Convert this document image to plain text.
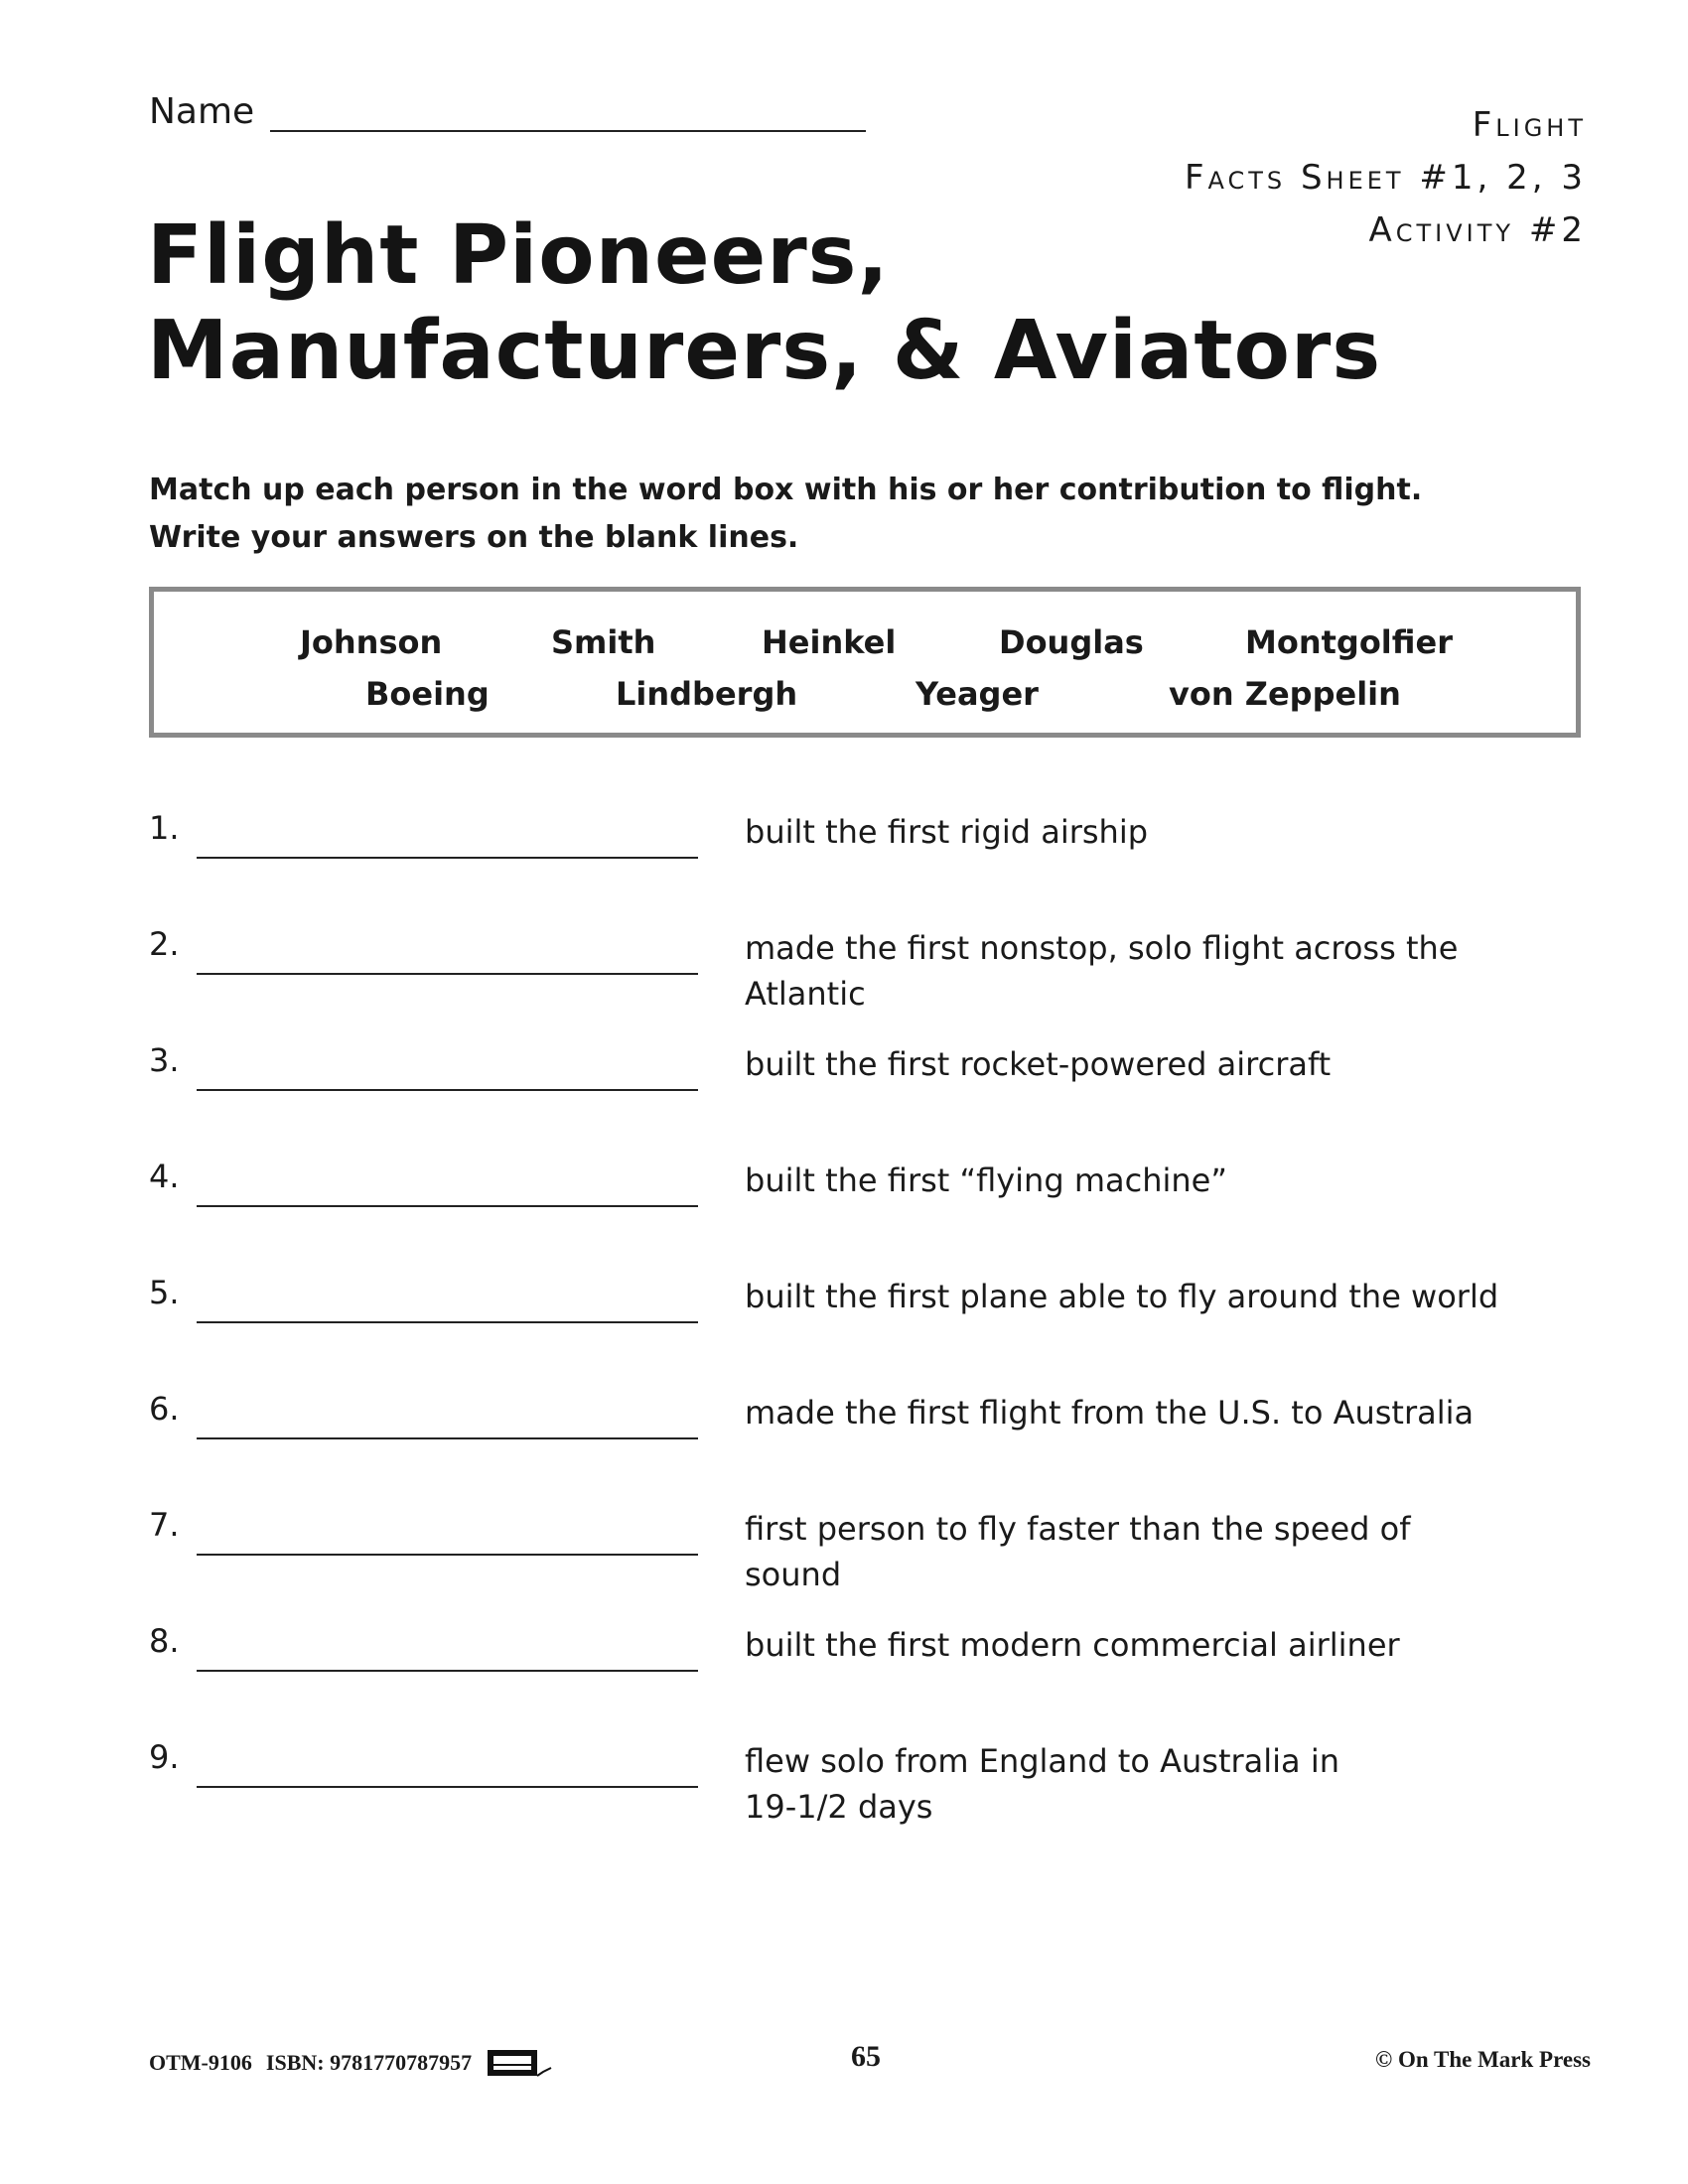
Name	Flight
Facts Sheet #1, 2, 3
Activity #2
Flight Pioneers,
Manufacturers, & Aviators
Match up each person in the word box with his or her contribution to flight.
Write your answers on the blank lines.
Johnson	Smith	Heinkel	Douglas	Montgolfier
Boeing	Lindbergh	Yeager	von Zeppelin
1.	built the first rigid airship
2.	made the first nonstop, solo flight across the Atlantic
3.	built the first rocket-powered aircraft
4.	built the first “flying machine”
5.	built the first plane able to fly around the world
6.	made the first flight from the U.S. to Australia
7.	first person to fly faster than the speed of sound
8.	built the first modern commercial airliner
9.	flew solo from England to Australia in
19-1/2 days
OTM-9106 ISBN: 9781770787957	65	© On The Mark Press
